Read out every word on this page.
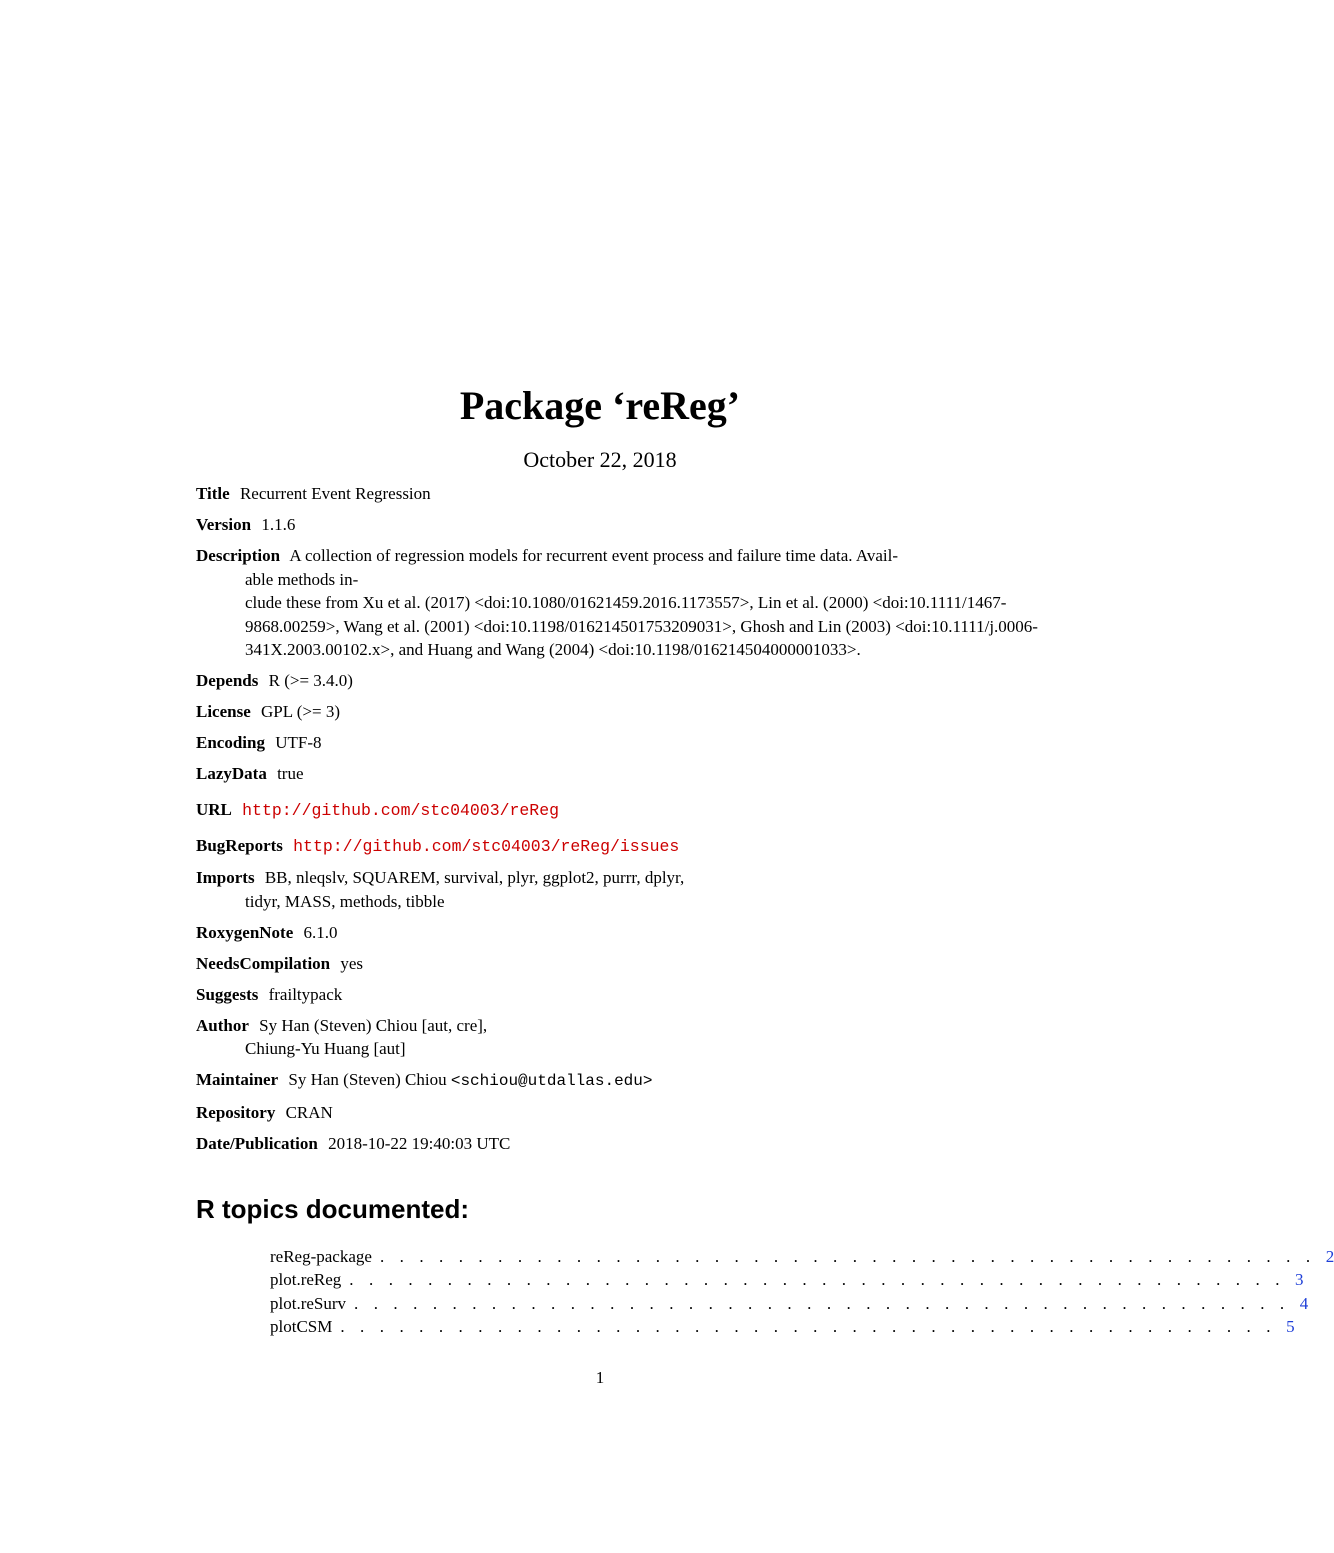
Package ‘reReg’
October 22, 2018
Title Recurrent Event Regression
Version 1.1.6
Description A collection of regression models for recurrent event process and failure time data. Avail-
able methods in-
clude these from Xu et al. (2017) <doi:10.1080/01621459.2016.1173557>, Lin et al. (2000) <doi:10.1111/1467-
9868.00259>, Wang et al. (2001) <doi:10.1198/016214501753209031>, Ghosh and Lin (2003) <doi:10.1111/j.0006-
341X.2003.00102.x>, and Huang and Wang (2004) <doi:10.1198/016214504000001033>.
Depends R (>= 3.4.0)
License GPL (>= 3)
Encoding UTF-8
LazyData true
URL http://github.com/stc04003/reReg
BugReports http://github.com/stc04003/reReg/issues
Imports BB, nleqslv, SQUAREM, survival, plyr, ggplot2, purrr, dplyr,
tidyr, MASS, methods, tibble
RoxygenNote 6.1.0
NeedsCompilation yes
Suggests frailtypack
Author Sy Han (Steven) Chiou [aut, cre],
Chiung-Yu Huang [aut]
Maintainer Sy Han (Steven) Chiou <schiou@utdallas.edu>
Repository CRAN
Date/Publication 2018-10-22 19:40:03 UTC
R topics documented:
reReg-package . . . . . . . . . . . . . . . . . . . . . . . . . . . . . . . . . . . . . . . . . . . . . . . . 2
plot.reReg . . . . . . . . . . . . . . . . . . . . . . . . . . . . . . . . . . . . . . . . . . . . . . . . 3
plot.reSurv . . . . . . . . . . . . . . . . . . . . . . . . . . . . . . . . . . . . . . . . . . . . . . . . 4
plotCSM . . . . . . . . . . . . . . . . . . . . . . . . . . . . . . . . . . . . . . . . . . . . . . . . 5
1
